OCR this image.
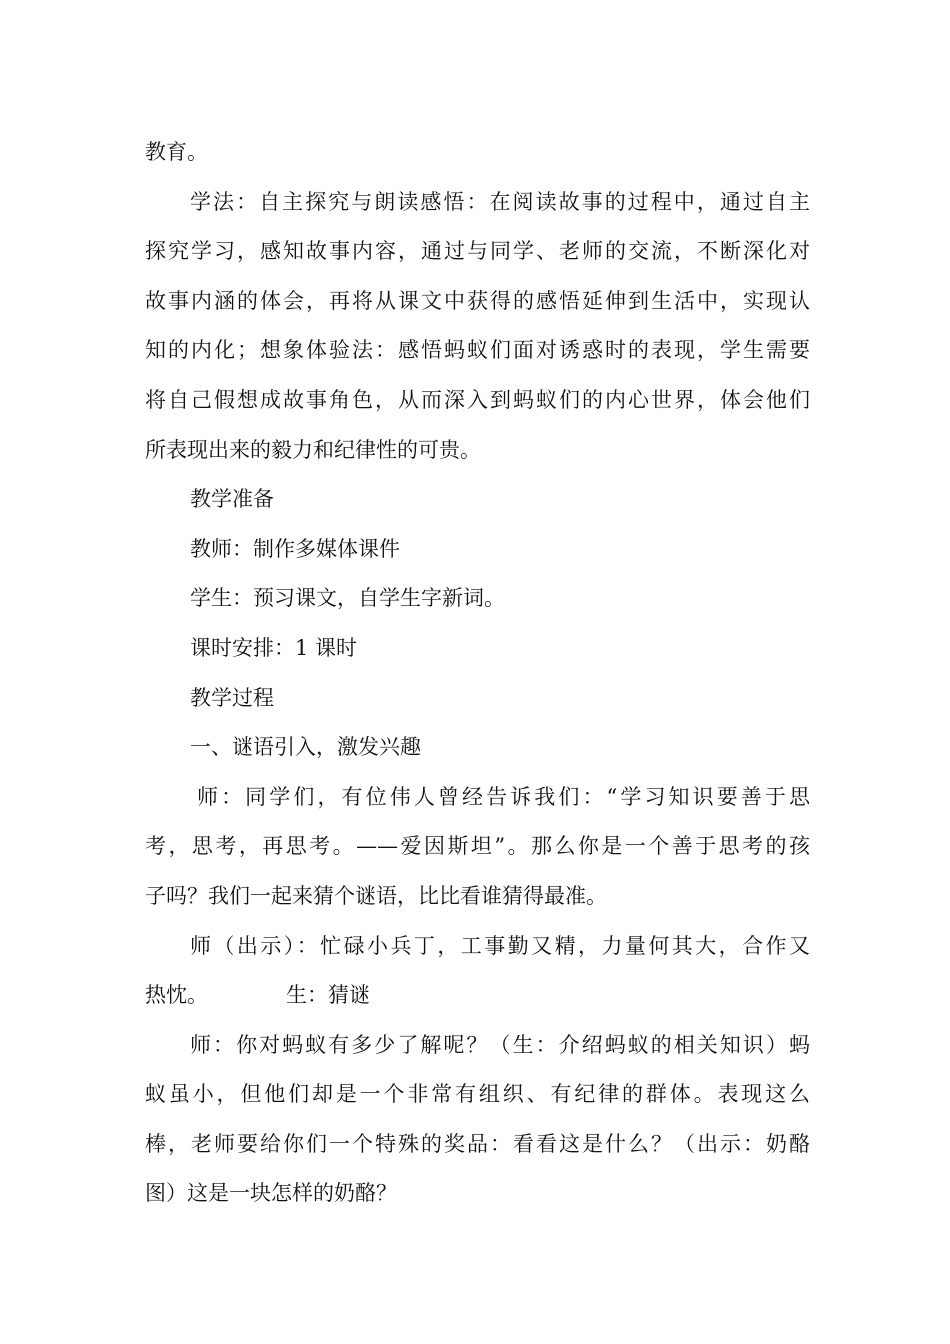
教育。
学法：自主探究与朗读感悟：在阅读故事的过程中，通过自主
探究学习，感知故事内容，通过与同学、老师的交流，不断深化对
故事内涵的体会，再将从课文中获得的感悟延伸到生活中，实现认
知的内化；想象体验法：感悟蚂蚁们面对诱惑时的表现，学生需要
将自己假想成故事角色，从而深入到蚂蚁们的内心世界，体会他们
所表现出来的毅力和纪律性的可贵。
教学准备
教师：制作多媒体课件
学生：预习课文，自学生字新词。
课时安排：1 课时
教学过程
一、谜语引入，激发兴趣
师：同学们，有位伟人曾经告诉我们：“学习知识要善于思
考，思考，再思考。——爱因斯坦”。那么你是一个善于思考的孩
子吗？我们一起来猜个谜语，比比看谁猜得最准。
师（出示）：忙碌小兵丁，工事勤又精，力量何其大，合作又
热忱。	生：猜谜
师：你对蚂蚁有多少了解呢？（生：介绍蚂蚁的相关知识）蚂
蚁虽小，但他们却是一个非常有组织、有纪律的群体。表现这么
棒，老师要给你们一个特殊的奖品：看看这是什么？（出示：奶酪
图）这是一块怎样的奶酪？
